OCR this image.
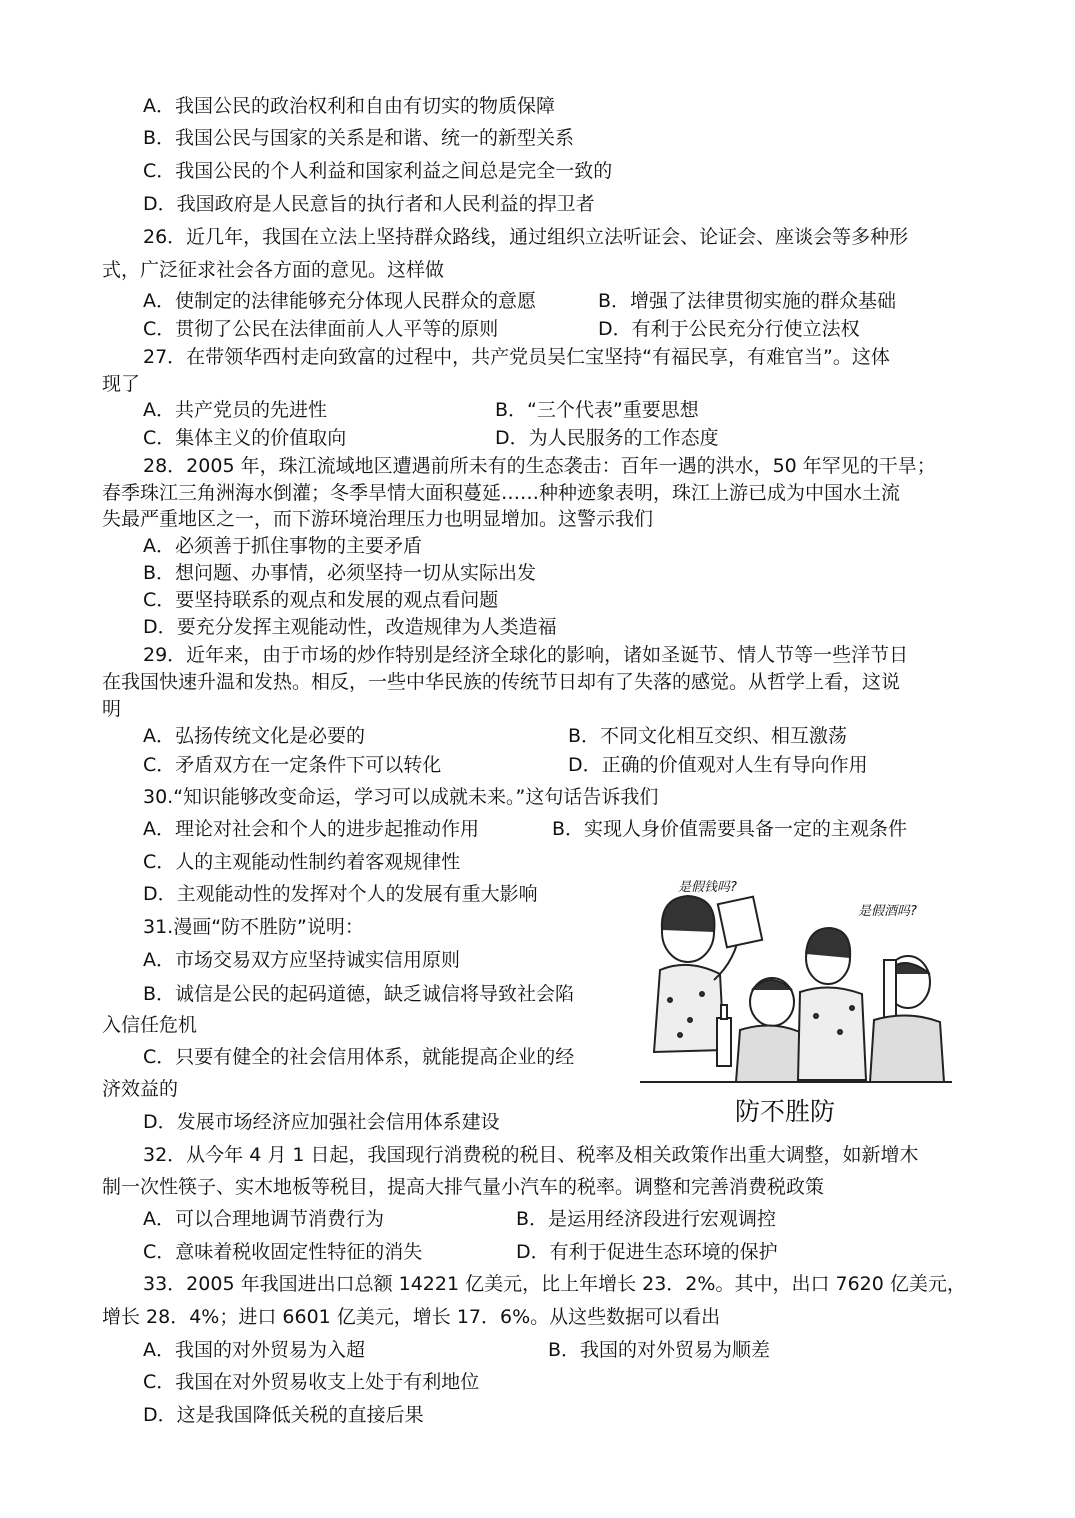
A．我国公民的政治权利和自由有切实的物质保障
B．我国公民与国家的关系是和谐、统一的新型关系
C．我国公民的个人利益和国家利益之间总是完全一致的
D．我国政府是人民意旨的执行者和人民利益的捍卫者
26．近几年，我国在立法上坚持群众路线，通过组织立法听证会、论证会、座谈会等多种形
式，广泛征求社会各方面的意见。这样做
A．使制定的法律能够充分体现人民群众的意愿	B．增强了法律贯彻实施的群众基础
C．贯彻了公民在法律面前人人平等的原则	D．有利于公民充分行使立法权
27．在带领华西村走向致富的过程中，共产党员吴仁宝坚持“有福民享，有难官当”。这体
现了
A．共产党员的先进性	B．“三个代表”重要思想
C．集体主义的价值取向	D．为人民服务的工作态度
28．2005 年，珠江流域地区遭遇前所未有的生态袭击：百年一遇的洪水，50 年罕见的干旱；
春季珠江三角洲海水倒灌；冬季旱情大面积蔓延……种种迹象表明，珠江上游已成为中国水土流
失最严重地区之一，而下游环境治理压力也明显增加。这警示我们
A．必须善于抓住事物的主要矛盾
B．想问题、办事情，必须坚持一切从实际出发
C．要坚持联系的观点和发展的观点看问题
D．要充分发挥主观能动性，改造规律为人类造福
29．近年来，由于市场的炒作特别是经济全球化的影响，诸如圣诞节、情人节等一些洋节日
在我国快速升温和发热。相反，一些中华民族的传统节日却有了失落的感觉。从哲学上看，这说
明
A．弘扬传统文化是必要的	B．不同文化相互交织、相互激荡
C．矛盾双方在一定条件下可以转化	D．正确的价值观对人生有导向作用
30.“知识能够改变命运，学习可以成就未来。”这句话告诉我们
A．理论对社会和个人的进步起推动作用	B．实现人身价值需要具备一定的主观条件
C．人的主观能动性制约着客观规律性
D．主观能动性的发挥对个人的发展有重大影响
31.漫画“防不胜防”说明：
A．市场交易双方应坚持诚实信用原则
B．诚信是公民的起码道德，缺乏诚信将导致社会陷
入信任危机
C．只要有健全的社会信用体系，就能提高企业的经
济效益的
D．发展市场经济应加强社会信用体系建设
是假钱吗?
是假酒吗?
防不胜防
32．从今年 4 月 1 日起，我国现行消费税的税目、税率及相关政策作出重大调整，如新增木
制一次性筷子、实木地板等税目，提高大排气量小汽车的税率。调整和完善消费税政策
A．可以合理地调节消费行为	B．是运用经济段进行宏观调控
C．意味着税收固定性特征的消失	D．有利于促进生态环境的保护
33．2005 年我国进出口总额 14221 亿美元，比上年增长 23．2%。其中，出口 7620 亿美元，
增长 28．4%；进口 6601 亿美元，增长 17．6%。从这些数据可以看出
A．我国的对外贸易为入超	B．我国的对外贸易为顺差
C．我国在对外贸易收支上处于有利地位
D．这是我国降低关税的直接后果
